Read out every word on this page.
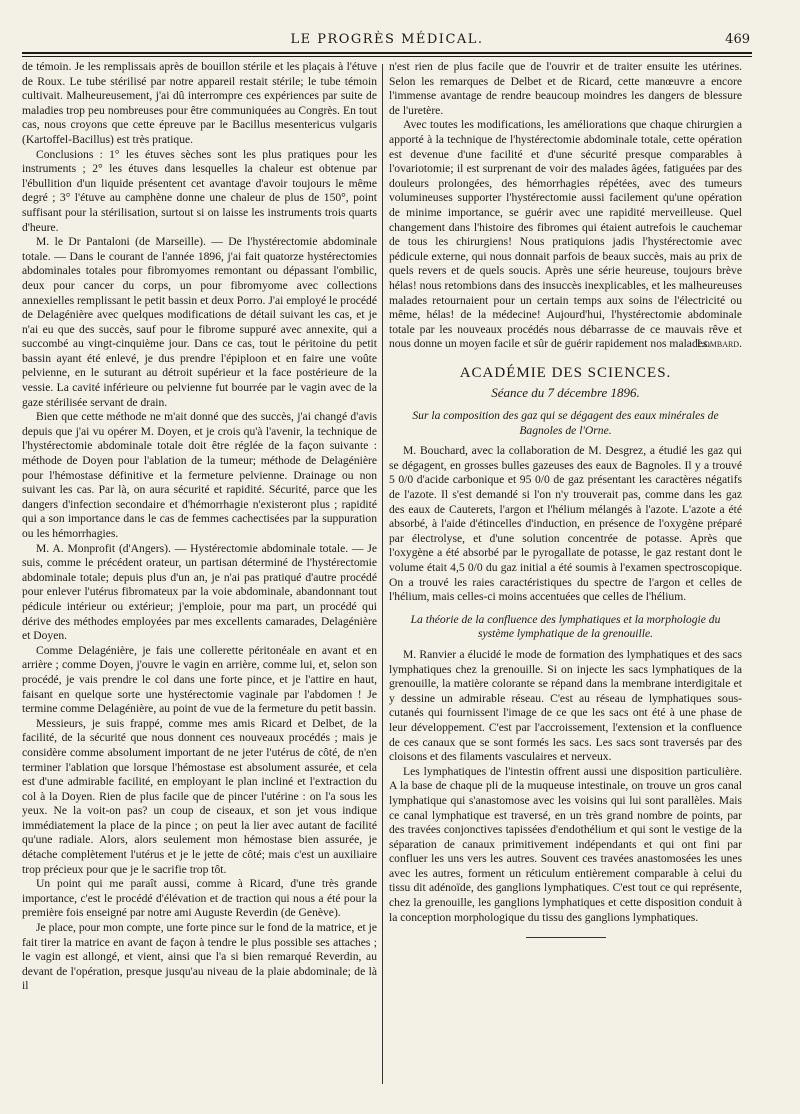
LE PROGRÈS MÉDICAL.	469

de témoin. Je les remplissais après de bouillon stérile et les plaçais à l'étuve de Roux. Le tube stérilisé par notre appareil restait stérile; le tube témoin cultivait. Malheureusement, j'ai dû interrompre ces expériences par suite de maladies trop peu nombreuses pour être communiquées au Congrès. En tout cas, nous croyons que cette épreuve par le Bacillus mesentericus vulgaris (Kartoffel-Bacillus) est très pratique.

Conclusions : 1° les étuves sèches sont les plus pratiques pour les instruments ; 2° les étuves dans lesquelles la chaleur est obtenue par l'ébullition d'un liquide présentent cet avantage d'avoir toujours le même degré ; 3° l'étuve au camphène donne une chaleur de plus de 150°, point suffisant pour la stérilisation, surtout si on laisse les instruments trois quarts d'heure.

M. le Dr Pantaloni (de Marseille). — De l'hystérectomie abdominale totale. — Dans le courant de l'année 1896, j'ai fait quatorze hystérectomies abdominales totales pour fibromyomes remontant ou dépassant l'ombilic, deux pour cancer du corps, un pour fibromyome avec collections annexielles remplissant le petit bassin et deux Porro. J'ai employé le procédé de Delagénière avec quelques modifications de détail suivant les cas, et je n'ai eu que des succès, sauf pour le fibrome suppuré avec annexite, qui a succombé au vingt-cinquième jour. Dans ce cas, tout le péritoine du petit bassin ayant été enlevé, je dus prendre l'épiploon et en faire une voûte pelvienne, en le suturant au détroit supérieur et la face postérieure de la vessie. La cavité inférieure ou pelvienne fut bourrée par le vagin avec de la gaze stérilisée servant de drain.

Bien que cette méthode ne m'ait donné que des succès, j'ai changé d'avis depuis que j'ai vu opérer M. Doyen, et je crois qu'à l'avenir, la technique de l'hystérectomie abdominale totale doit être réglée de la façon suivante : méthode de Doyen pour l'ablation de la tumeur; méthode de Delagénière pour l'hémostase définitive et la fermeture pelvienne. Drainage ou non suivant les cas. Par là, on aura sécurité et rapidité. Sécurité, parce que les dangers d'infection secondaire et d'hémorrhagie n'existeront plus ; rapidité qui a son importance dans le cas de femmes cachectisées par la suppuration ou les hémorrhagies.

M. A. Monprofit (d'Angers). — Hystérectomie abdominale totale. — Je suis, comme le précédent orateur, un partisan déterminé de l'hystérectomie abdominale totale; depuis plus d'un an, je n'ai pas pratiqué d'autre procédé pour enlever l'utérus fibromateux par la voie abdominale, abandonnant tout pédicule intérieur ou extérieur; j'emploie, pour ma part, un procédé qui dérive des méthodes employées par mes excellents camarades, Delagénière et Doyen.

Comme Delagénière, je fais une collerette péritonéale en avant et en arrière ; comme Doyen, j'ouvre le vagin en arrière, comme lui, et, selon son procédé, je vais prendre le col dans une forte pince, et je l'attire en haut, faisant en quelque sorte une hystérectomie vaginale par l'abdomen ! Je termine comme Delagénière, au point de vue de la fermeture du petit bassin.

Messieurs, je suis frappé, comme mes amis Ricard et Delbet, de la facilité, de la sécurité que nous donnent ces nouveaux procédés ; mais je considère comme absolument important de ne jeter l'utérus de côté, de n'en terminer l'ablation que lorsque l'hémostase est absolument assurée, et cela est d'une admirable facilité, en employant le plan incliné et l'extraction du col à la Doyen. Rien de plus facile que de pincer l'utérine : on l'a sous les yeux. Ne la voit-on pas? un coup de ciseaux, et son jet vous indique immédiatement la place de la pince ; on peut la lier avec autant de facilité qu'une radiale. Alors, alors seulement mon hémostase bien assurée, je détache complètement l'utérus et je le jette de côté; mais c'est un auxiliaire trop précieux pour que je le sacrifie trop tôt.

Un point qui me paraît aussi, comme à Ricard, d'une très grande importance, c'est le procédé d'élévation et de traction qui nous a été pour la première fois enseigné par notre ami Auguste Reverdin (de Genève).

Je place, pour mon compte, une forte pince sur le fond de la matrice, et je fait tirer la matrice en avant de façon à tendre le plus possible ses attaches ; le vagin est allongé, et vient, ainsi que l'a si bien remarqué Reverdin, au devant de l'opération, presque jusqu'au niveau de la plaie abdominale; de là il

n'est rien de plus facile que de l'ouvrir et de traiter ensuite les utérines. Selon les remarques de Delbet et de Ricard, cette manœuvre a encore l'immense avantage de rendre beaucoup moindres les dangers de blessure de l'uretère.

Avec toutes les modifications, les améliorations que chaque chirurgien a apporté à la technique de l'hystérectomie abdominale totale, cette opération est devenue d'une facilité et d'une sécurité presque comparables à l'ovariotomie; il est surprenant de voir des malades âgées, fatiguées par des douleurs prolongées, des hémorrhagies répétées, avec des tumeurs volumineuses supporter l'hystérectomie aussi facilement qu'une opération de minime importance, se guérir avec une rapidité merveilleuse. Quel changement dans l'histoire des fibromes qui étaient autrefois le cauchemar de tous les chirurgiens! Nous pratiquions jadis l'hystérectomie avec pédicule externe, qui nous donnait parfois de beaux succès, mais au prix de quels revers et de quels soucis. Après une série heureuse, toujours brève hélas! nous retombions dans des insuccès inexplicables, et les malheureuses malades retournaient pour un certain temps aux soins de l'électricité ou même, hélas! de la médecine! Aujourd'hui, l'hystérectomie abdominale totale par les nouveaux procédés nous débarrasse de ce mauvais rêve et nous donne un moyen facile et sûr de guérir rapidement nos malades.

Lombard.
ACADÉMIE DES SCIENCES.
Séance du 7 décembre 1896.
Sur la composition des gaz qui se dégagent des eaux minérales de Bagnoles de l'Orne.

M. Bouchard, avec la collaboration de M. Desgrez, a étudié les gaz qui se dégagent, en grosses bulles gazeuses des eaux de Bagnoles. Il y a trouvé 5 0/0 d'acide carbonique et 95 0/0 de gaz présentant les caractères négatifs de l'azote. Il s'est demandé si l'on n'y trouverait pas, comme dans les gaz des eaux de Cauterets, l'argon et l'hélium mélangés à l'azote. L'azote a été absorbé, à l'aide d'étincelles d'induction, en présence de l'oxygène préparé par électrolyse, et d'une solution concentrée de potasse. Après que l'oxygène a été absorbé par le pyrogallate de potasse, le gaz restant dont le volume était 4,5 0/0 du gaz initial a été soumis à l'examen spectroscopique. On a trouvé les raies caractéristiques du spectre de l'argon et celles de l'hélium, mais celles-ci moins accentuées que celles de l'hélium.

La théorie de la confluence des lymphatiques et la morphologie du système lymphatique de la grenouille.

M. Ranvier a élucidé le mode de formation des lymphatiques et des sacs lymphatiques chez la grenouille. Si on injecte les sacs lymphatiques de la grenouille, la matière colorante se répand dans la membrane interdigitale et y dessine un admirable réseau. C'est au réseau de lymphatiques sous-cutanés qui fournissent l'image de ce que les sacs ont été à une phase de leur développement. C'est par l'accroissement, l'extension et la confluence de ces canaux que se sont formés les sacs. Les sacs sont traversés par des cloisons et des filaments vasculaires et nerveux.

Les lymphatiques de l'intestin offrent aussi une disposition particulière. A la base de chaque pli de la muqueuse intestinale, on trouve un gros canal lymphatique qui s'anastomose avec les voisins qui lui sont parallèles. Mais ce canal lymphatique est traversé, en un très grand nombre de points, par des travées conjonctives tapissées d'endothélium et qui sont le vestige de la séparation de canaux primitivement indépendants et qui ont fini par confluer les uns vers les autres. Souvent ces travées anastomosées les unes avec les autres, forment un réticulum entièrement comparable à celui du tissu dit adénoïde, des ganglions lymphatiques. C'est tout ce qui représente, chez la grenouille, les ganglions lymphatiques et cette disposition conduit à la conception morphologique du tissu des ganglions lymphatiques.
